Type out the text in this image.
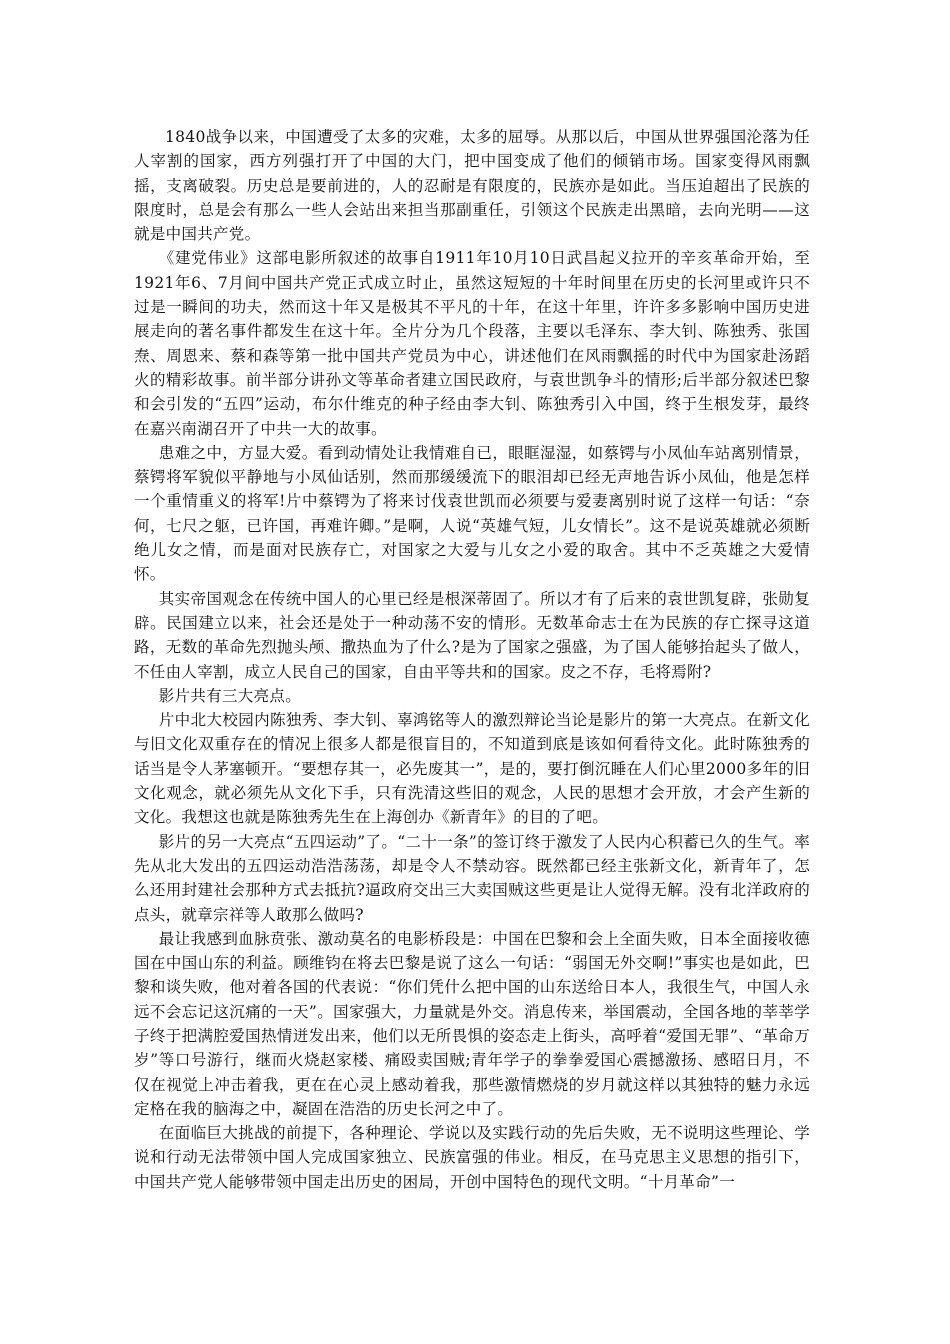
1840战争以来，中国遭受了太多的灾难，太多的屈辱。从那以后，中国从世界强国沦落为任人宰割的国家，西方列强打开了中国的大门，把中国变成了他们的倾销市场。国家变得风雨飘摇，支离破裂。历史总是要前进的，人的忍耐是有限度的，民族亦是如此。当压迫超出了民族的限度时，总是会有那么一些人会站出来担当那副重任，引领这个民族走出黑暗，去向光明——这就是中国共产党。

《建党伟业》这部电影所叙述的故事自1911年10月10日武昌起义拉开的辛亥革命开始，至1921年6、7月间中国共产党正式成立时止，虽然这短短的十年时间里在历史的长河里或许只不过是一瞬间的功夫，然而这十年又是极其不平凡的十年，在这十年里，许许多多影响中国历史进展走向的著名事件都发生在这十年。全片分为几个段落，主要以毛泽东、李大钊、陈独秀、张国焘、周恩来、蔡和森等第一批中国共产党员为中心，讲述他们在风雨飘摇的时代中为国家赴汤蹈火的精彩故事。前半部分讲孙文等革命者建立国民政府，与袁世凯争斗的情形;后半部分叙述巴黎和会引发的“五四”运动，布尔什维克的种子经由李大钊、陈独秀引入中国，终于生根发芽，最终在嘉兴南湖召开了中共一大的故事。

患难之中，方显大爱。看到动情处让我情难自已，眼眶湿湿，如蔡锷与小凤仙车站离别情景，蔡锷将军貌似平静地与小凤仙话别，然而那缓缓流下的眼泪却已经无声地告诉小凤仙，他是怎样一个重情重义的将军!片中蔡锷为了将来讨伐袁世凯而必须要与爱妻离别时说了这样一句话：“奈何，七尺之躯，已许国，再难许卿。”是啊，人说“英雄气短，儿女情长”。这不是说英雄就必须断绝儿女之情，而是面对民族存亡，对国家之大爱与儿女之小爱的取舍。其中不乏英雄之大爱情怀。

其实帝国观念在传统中国人的心里已经是根深蒂固了。所以才有了后来的袁世凯复辟，张勋复辟。民国建立以来，社会还是处于一种动荡不安的情形。无数革命志士在为民族的存亡探寻这道路，无数的革命先烈抛头颅、撒热血为了什么?是为了国家之强盛，为了国人能够抬起头了做人，不任由人宰割，成立人民自己的国家，自由平等共和的国家。皮之不存，毛将焉附?

影片共有三大亮点。

片中北大校园内陈独秀、李大钊、辜鸿铭等人的激烈辩论当论是影片的第一大亮点。在新文化与旧文化双重存在的情况上很多人都是很盲目的，不知道到底是该如何看待文化。此时陈独秀的话当是令人茅塞顿开。“要想存其一，必先废其一”，是的，要打倒沉睡在人们心里2000多年的旧文化观念，就必须先从文化下手，只有洗清这些旧的观念，人民的思想才会开放，才会产生新的文化。我想这也就是陈独秀先生在上海创办《新青年》的目的了吧。

影片的另一大亮点“五四运动”了。“二十一条”的签订终于激发了人民内心积蓄已久的生气。率先从北大发出的五四运动浩浩荡荡，却是令人不禁动容。既然都已经主张新文化，新青年了，怎么还用封建社会那种方式去抵抗?逼政府交出三大卖国贼这些更是让人觉得无解。没有北洋政府的点头，就章宗祥等人敢那么做吗?

最让我感到血脉贲张、激动莫名的电影桥段是：中国在巴黎和会上全面失败，日本全面接收德国在中国山东的利益。顾维钧在将去巴黎是说了这么一句话：“弱国无外交啊!”事实也是如此，巴黎和谈失败，他对着各国的代表说：“你们凭什么把中国的山东送给日本人，我很生气，中国人永远不会忘记这沉痛的一天”。国家强大，力量就是外交。消息传来，举国震动，全国各地的莘莘学子终于把满腔爱国热情迸发出来，他们以无所畏惧的姿态走上街头，高呼着“爱国无罪”、“革命万岁”等口号游行，继而火烧赵家楼、痛殴卖国贼;青年学子的拳拳爱国心震撼激扬、感昭日月，不仅在视觉上冲击着我，更在在心灵上感动着我，那些激情燃烧的岁月就这样以其独特的魅力永远定格在我的脑海之中，凝固在浩浩的历史长河之中了。

在面临巨大挑战的前提下，各种理论、学说以及实践行动的先后失败，无不说明这些理论、学说和行动无法带领中国人完成国家独立、民族富强的伟业。相反，在马克思主义思想的指引下，中国共产党人能够带领中国走出历史的困局，开创中国特色的现代文明。“十月革命”一
